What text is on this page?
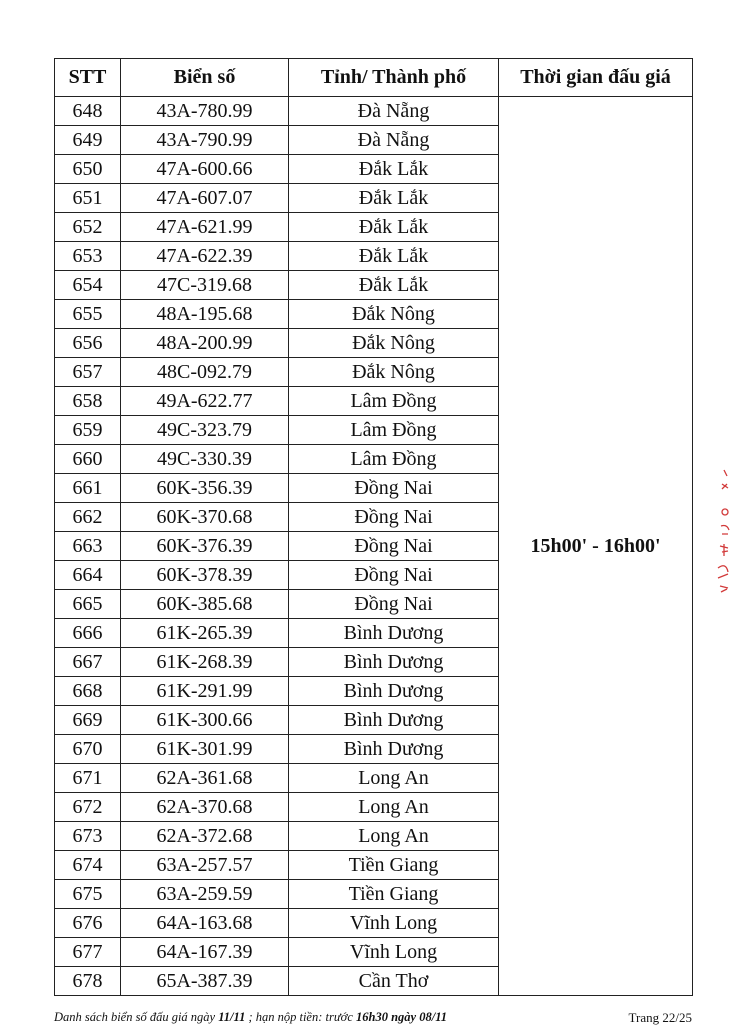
STT	Biển số	Tỉnh/ Thành phố	Thời gian đấu giá
648	43A-780.99	Đà Nẵng	15h00' - 16h00'
649	43A-790.99	Đà Nẵng	
650	47A-600.66	Đắk Lắk	
651	47A-607.07	Đắk Lắk	
652	47A-621.99	Đắk Lắk	
653	47A-622.39	Đắk Lắk	
654	47C-319.68	Đắk Lắk	
655	48A-195.68	Đắk Nông	
656	48A-200.99	Đắk Nông	
657	48C-092.79	Đắk Nông	
658	49A-622.77	Lâm Đồng	
659	49C-323.79	Lâm Đồng	
660	49C-330.39	Lâm Đồng	
661	60K-356.39	Đồng Nai	
662	60K-370.68	Đồng Nai	
663	60K-376.39	Đồng Nai	
664	60K-378.39	Đồng Nai	
665	60K-385.68	Đồng Nai	
666	61K-265.39	Bình Dương	
667	61K-268.39	Bình Dương	
668	61K-291.99	Bình Dương	
669	61K-300.66	Bình Dương	
670	61K-301.99	Bình Dương	
671	62A-361.68	Long An	
672	62A-370.68	Long An	
673	62A-372.68	Long An	
674	63A-257.57	Tiền Giang	
675	63A-259.59	Tiền Giang	
676	64A-163.68	Vĩnh Long	
677	64A-167.39	Vĩnh Long	
678	65A-387.39	Cần Thơ	
Danh sách biển số đấu giá ngày 11/11 ; hạn nộp tiền: trước 16h30 ngày 08/11	Trang 22/25
